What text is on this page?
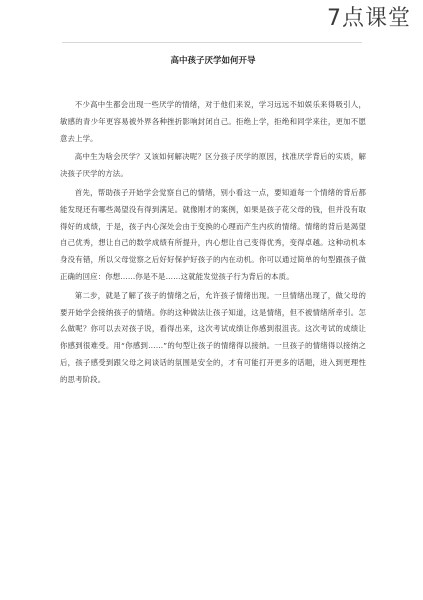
7点课堂
高中孩子厌学如何开导

不少高中生都会出现一些厌学的情绪，对于他们来说，学习远远不如娱乐来得吸引人，敏感的青少年更容易被外界各种挫折影响封闭自己。拒绝上学，拒绝和同学来往，更加不愿意去上学。

高中生为啥会厌学？又该如何解决呢？区分孩子厌学的原因，找准厌学背后的实质，解决孩子厌学的方法。

首先，帮助孩子开始学会觉察自己的情绪，别小看这一点，要知道每一个情绪的背后都能发现还有哪些渴望没有得到满足。就像刚才的案例，如果是孩子花父母的钱，但并没有取得好的成绩，于是，孩子内心深处会由于变换的心理而产生内疚的情绪。情绪的背后是渴望自己优秀，想让自己的数学成绩有所提升，内心想让自己变得优秀，变得卓越。这种动机本身没有错，所以父母觉察之后好好保护好孩子的内在动机。你可以通过简单的句型跟孩子做正确的回应：你想……你是不是……这就能发觉孩子行为背后的本质。

第二步，就是了解了孩子的情绪之后，允许孩子情绪出现。一旦情绪出现了，做父母的要开始学会接纳孩子的情绪。你的这种做法让孩子知道，这是情绪，但不被情绪所牵引。怎么做呢？你可以去对孩子说，看得出来，这次考试成绩让你感到很沮丧。这次考试的成绩让你感到很难受。用“你感到……”的句型让孩子的情绪得以接纳。一旦孩子的情绪得以接纳之后，孩子感受到跟父母之间谈话的氛围是安全的，才有可能打开更多的话题，进入到更理性的思考阶段。
